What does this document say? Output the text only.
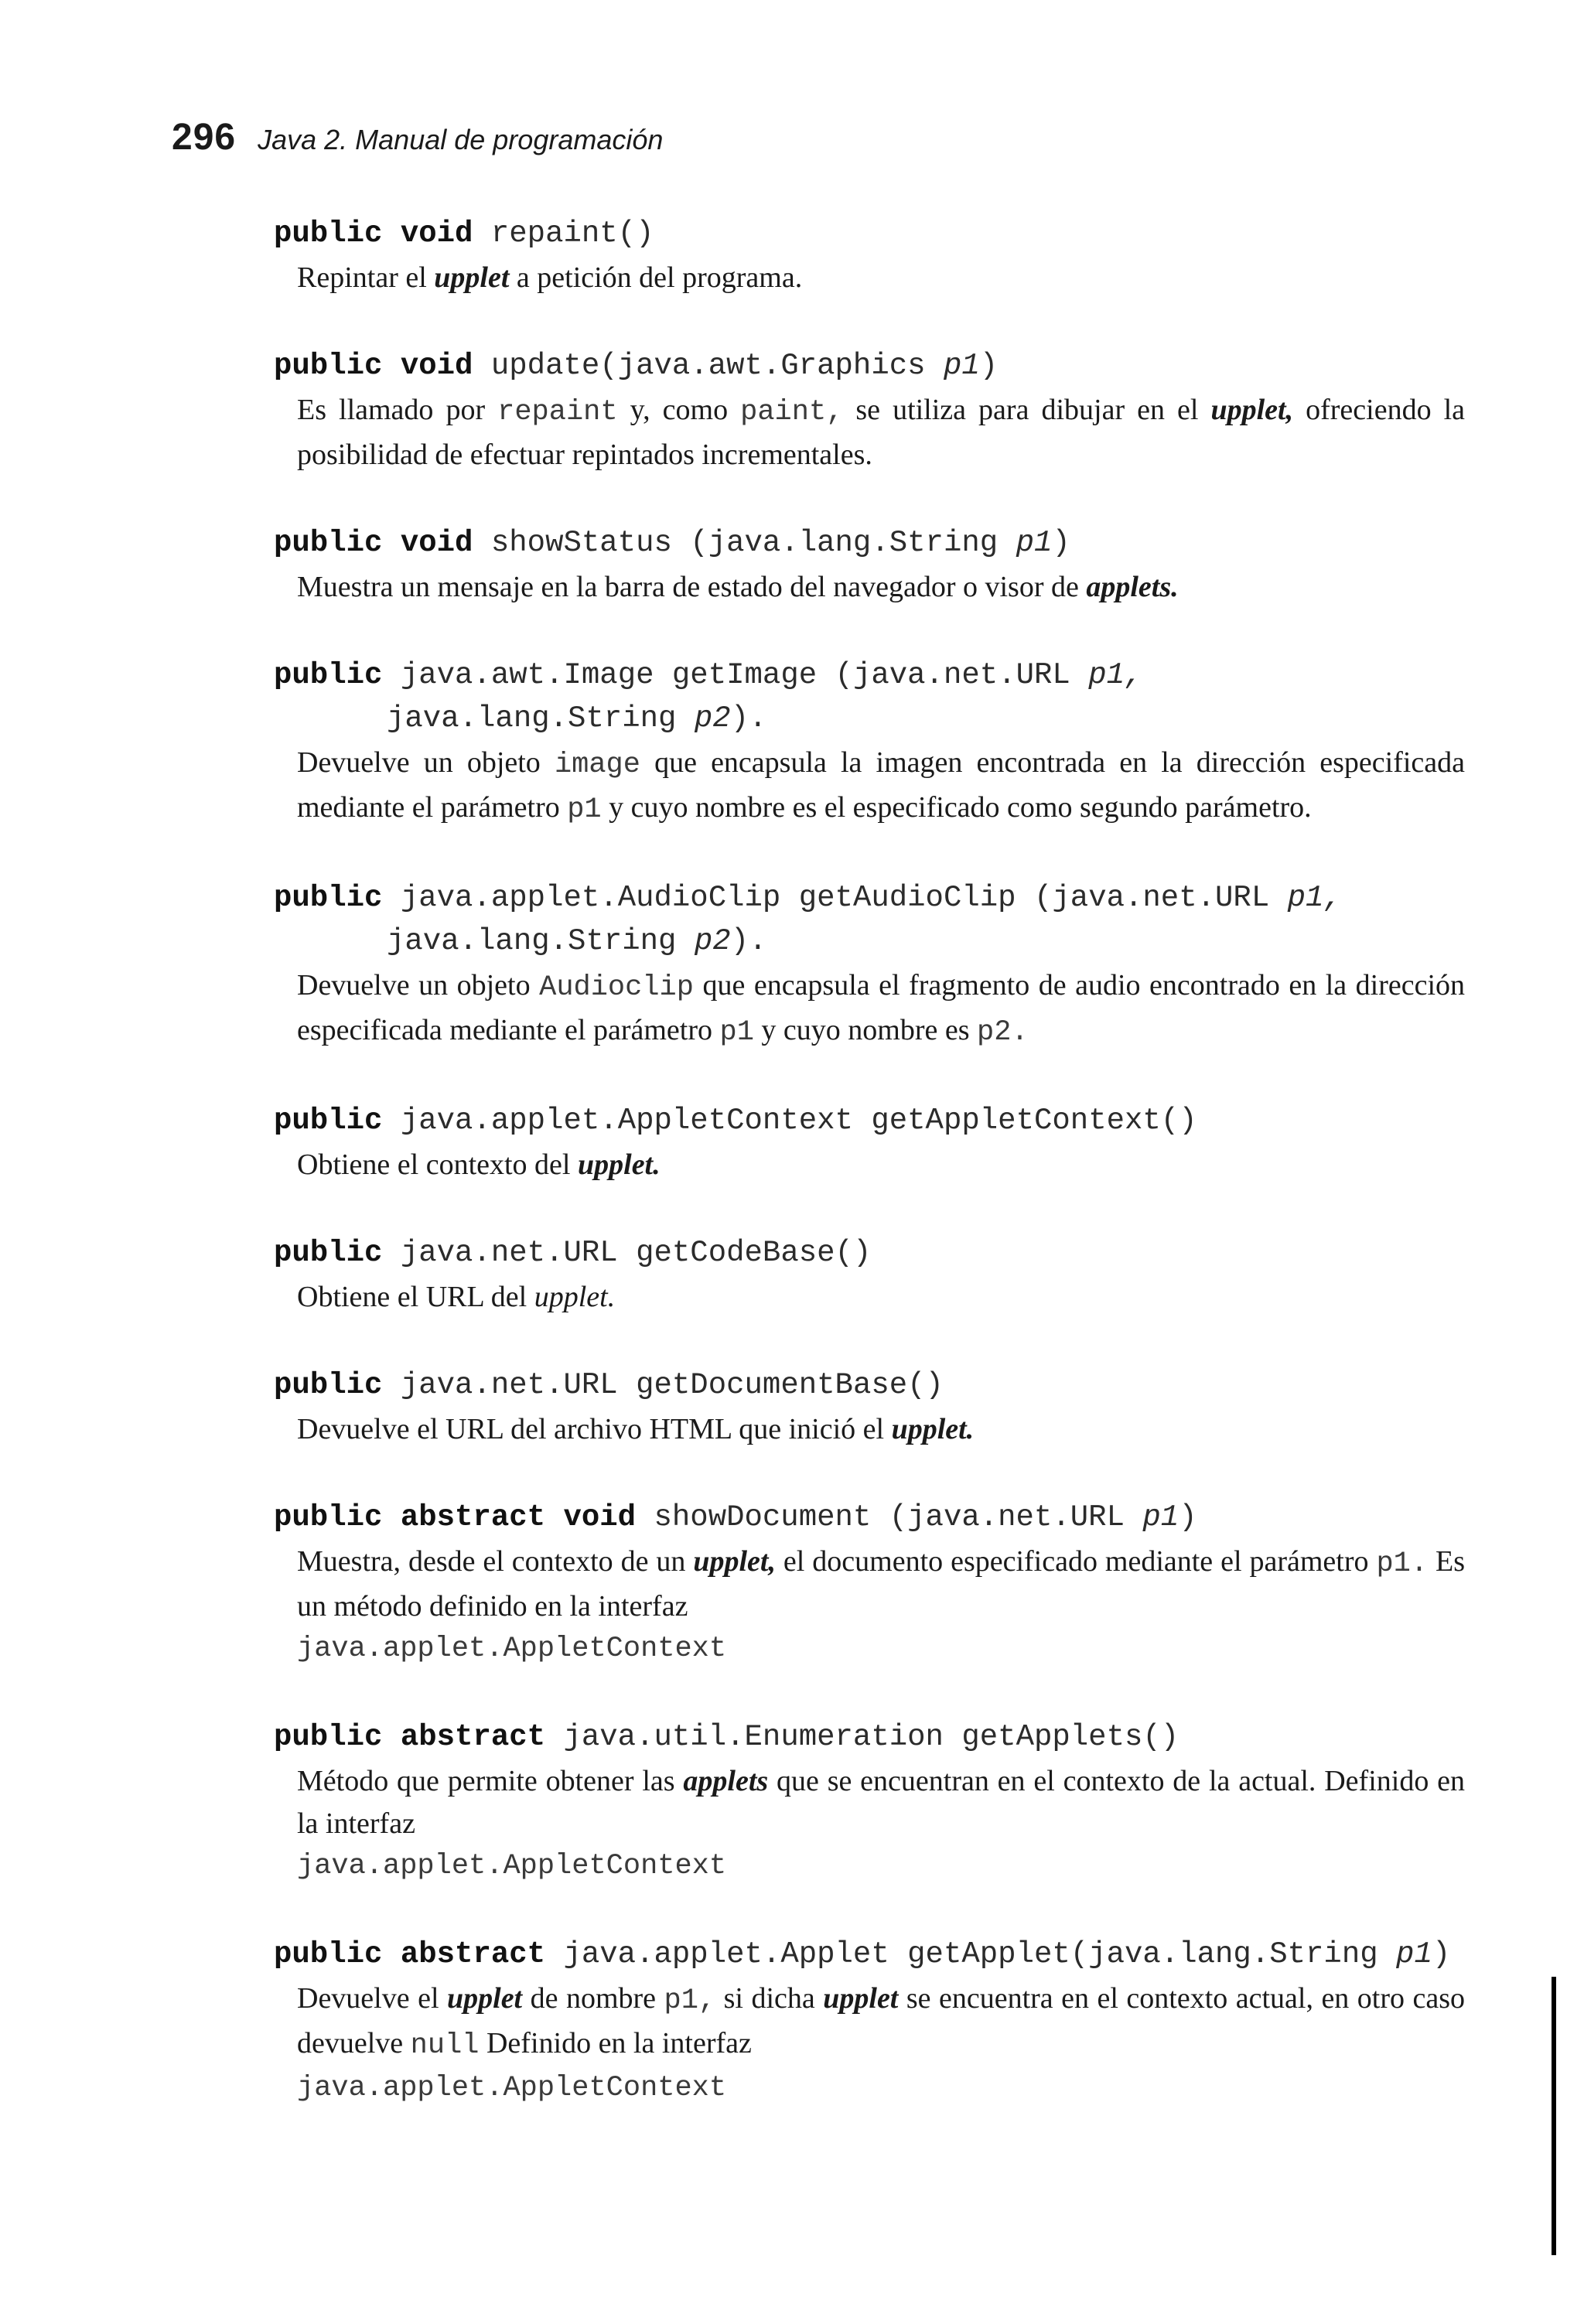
296 Java 2. Manual de programación
public void repaint()
Repintar el upplet a petición del programa.
public void update(java.awt.Graphics p1)
Es llamado por repaint y, como paint, se utiliza para dibujar en el upplet, ofreciendo la posibilidad de efectuar repintados incrementales.
public void showStatus (java.lang.String p1)
Muestra un mensaje en la barra de estado del navegador o visor de applets.
public java.awt.Image getImage (java.net.URL p1,
java.lang.String p2).
Devuelve un objeto image que encapsula la imagen encontrada en la dirección especificada mediante el parámetro p1 y cuyo nombre es el especificado como segundo parámetro.
public java.applet.AudioClip getAudioClip (java.net.URL p1,
java.lang.String p2).
Devuelve un objeto Audioclip que encapsula el fragmento de audio encontrado en la dirección especificada mediante el parámetro p1 y cuyo nombre es p2.
public java.applet.AppletContext getAppletContext()
Obtiene el contexto del upplet.
public java.net.URL getCodeBase()
Obtiene el URL del upplet.
public java.net.URL getDocumentBase()
Devuelve el URL del archivo HTML que inició el upplet.
public abstract void showDocument (java.net.URL p1)
Muestra, desde el contexto de un upplet, el documento especificado mediante el parámetro p1. Es un método definido en la interfaz
java.applet.AppletContext
public abstract java.util.Enumeration getApplets()
Método que permite obtener las applets que se encuentran en el contexto de la actual. Definido en la interfaz
java.applet.AppletContext
public abstract java.applet.Applet getApplet(java.lang.String p1)
Devuelve el upplet de nombre p1, si dicha upplet se encuentra en el contexto actual, en otro caso devuelve null Definido en la interfaz
java.applet.AppletContext
